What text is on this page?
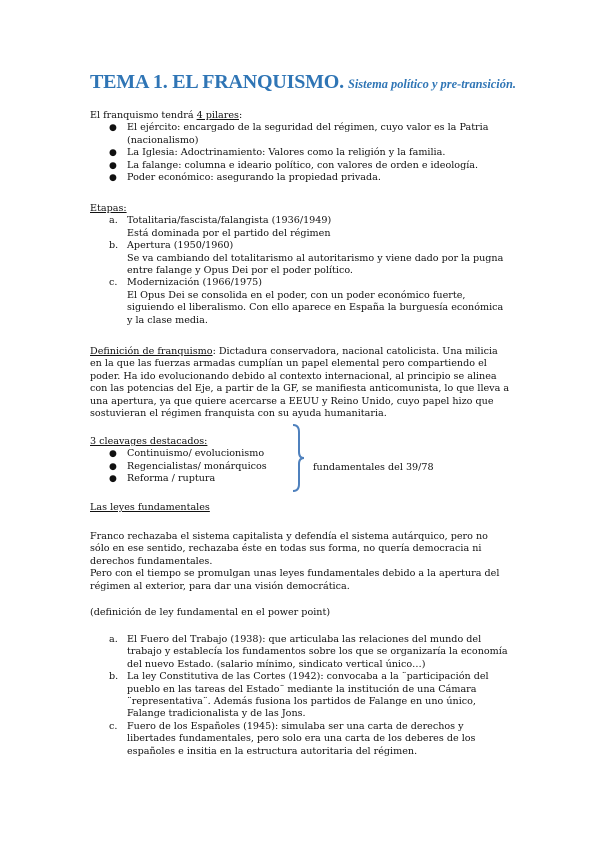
TEMA 1. EL FRANQUISMO. Sistema político y pre-transición.

El franquismo tendrá 4 pilares:

● El ejército: encargado de la seguridad del régimen, cuyo valor es la Patria (nacionalismo)
● La Iglesia: Adoctrinamiento: Valores como la religión y la familia.
● La falange: columna e ideario político, con valores de orden e ideología.
● Poder económico: asegurando la propiedad privada.

Etapas:

a. Totalitaria/fascista/falangista (1936/1949)
Está dominada por el partido del régimen
b. Apertura (1950/1960)
Se va cambiando del totalitarismo al autoritarismo y viene dado por la pugna entre falange y Opus Dei por el poder político.
c. Modernización (1966/1975)
El Opus Dei se consolida en el poder, con un poder económico fuerte, siguiendo el liberalismo. Con ello aparece en España la burguesía económica y la clase media.

Definición de franquismo: Dictadura conservadora, nacional catolicista. Una milicia en la que las fuerzas armadas cumplían un papel elemental pero compartiendo el poder. Ha ido evolucionando debido al contexto internacional, al principio se alinea con las potencias del Eje, a partir de la GF, se manifiesta anticomunista, lo que lleva a una apertura, ya que quiere acercarse a EEUU y Reino Unido, cuyo papel hizo que sostuvieran el régimen franquista con su ayuda humanitaria.

3 cleavages destacados:

● Continuismo/ evolucionismo
● Regencialistas/ monárquicos
● Reforma / ruptura
fundamentales del 39/78

Las leyes fundamentales

Franco rechazaba el sistema capitalista y defendía el sistema autárquico, pero no sólo en ese sentido, rechazaba éste en todas sus forma, no quería democracia ni derechos fundamentales.

Pero con el tiempo se promulgan unas leyes fundamentales debido a la apertura del régimen al exterior, para dar una visión democrática.

(definición de ley fundamental en el power point)

a. El Fuero del Trabajo (1938): que articulaba las relaciones del mundo del trabajo y establecía los fundamentos sobre los que se organizaría la economía del nuevo Estado. (salario mínimo, sindicato vertical único…)
b. La ley Constitutiva de las Cortes (1942): convocaba a la ¨participación del pueblo en las tareas del Estado¨ mediante la institución de una Cámara ¨representativa¨. Además fusiona los partidos de Falange en uno único, Falange tradicionalista y de las Jons.
c. Fuero de los Españoles (1945): simulaba ser una carta de derechos y libertades fundamentales, pero solo era una carta de los deberes de los españoles e insitia en la estructura autoritaria del régimen.
